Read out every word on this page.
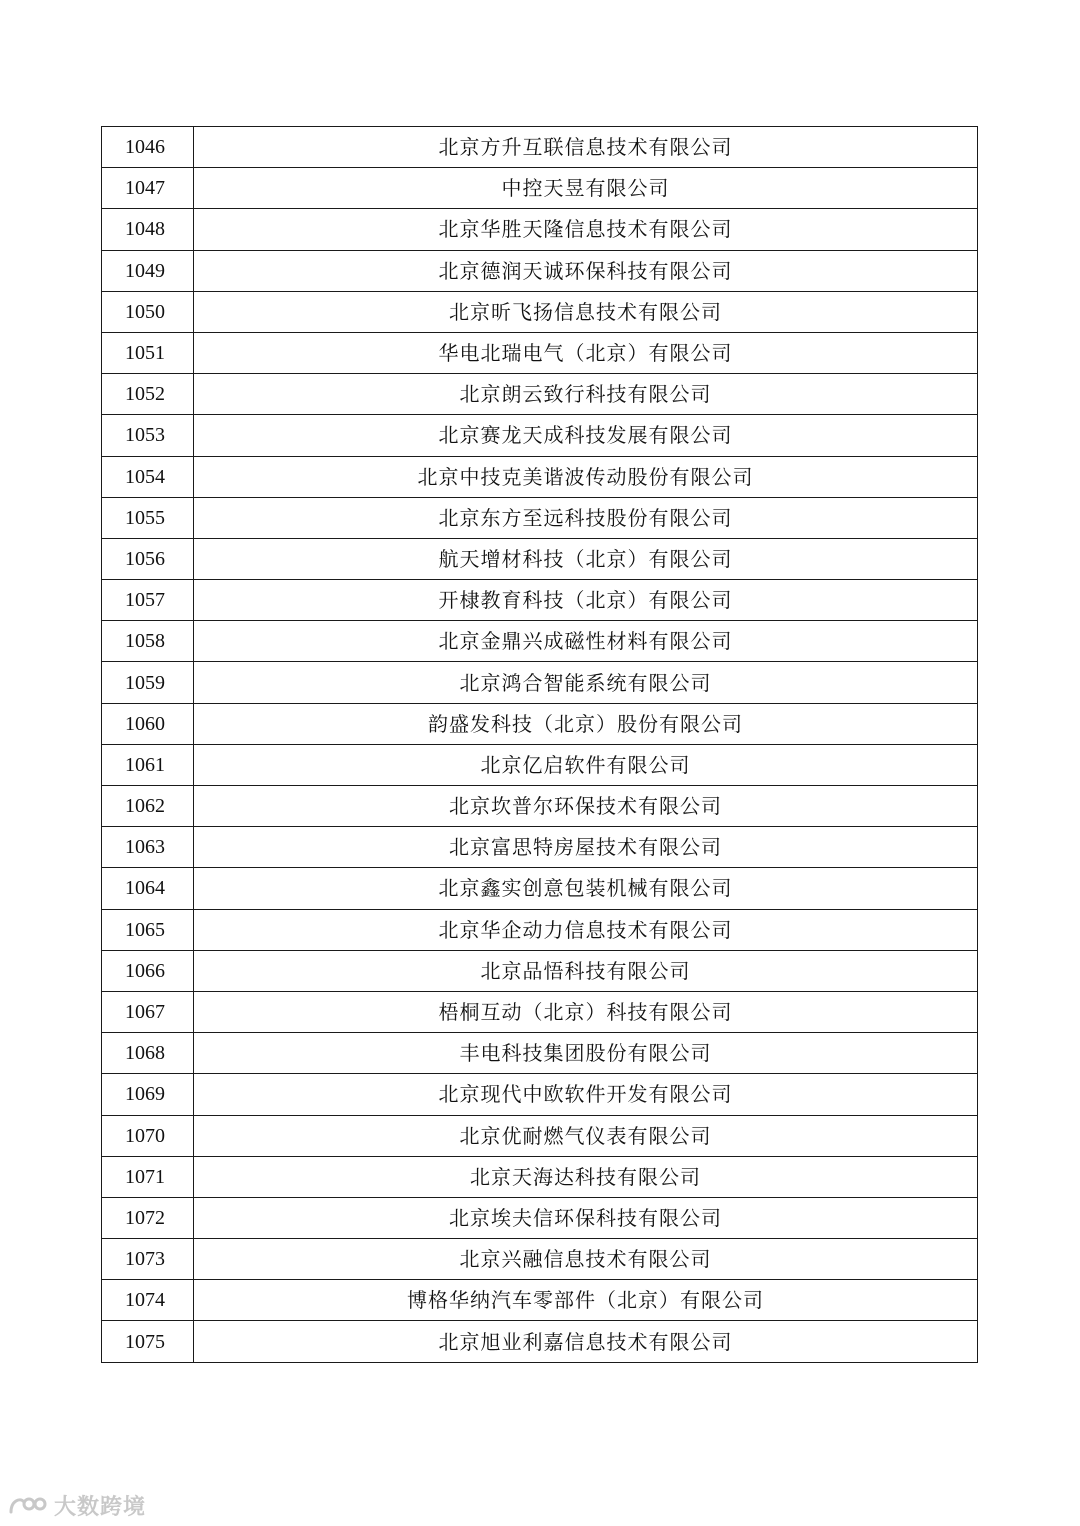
1046	北京方升互联信息技术有限公司
1047	中控天昱有限公司
1048	北京华胜天隆信息技术有限公司
1049	北京德润天诚环保科技有限公司
1050	北京昕飞扬信息技术有限公司
1051	华电北瑞电气（北京）有限公司
1052	北京朗云致行科技有限公司
1053	北京赛龙天成科技发展有限公司
1054	北京中技克美谐波传动股份有限公司
1055	北京东方至远科技股份有限公司
1056	航天增材科技（北京）有限公司
1057	开棣教育科技（北京）有限公司
1058	北京金鼎兴成磁性材料有限公司
1059	北京鸿合智能系统有限公司
1060	韵盛发科技（北京）股份有限公司
1061	北京亿启软件有限公司
1062	北京坎普尔环保技术有限公司
1063	北京富思特房屋技术有限公司
1064	北京鑫实创意包装机械有限公司
1065	北京华企动力信息技术有限公司
1066	北京品悟科技有限公司
1067	梧桐互动（北京）科技有限公司
1068	丰电科技集团股份有限公司
1069	北京现代中欧软件开发有限公司
1070	北京优耐燃气仪表有限公司
1071	北京天海达科技有限公司
1072	北京埃夫信环保科技有限公司
1073	北京兴融信息技术有限公司
1074	博格华纳汽车零部件（北京）有限公司
1075	北京旭业利嘉信息技术有限公司
大数跨境
